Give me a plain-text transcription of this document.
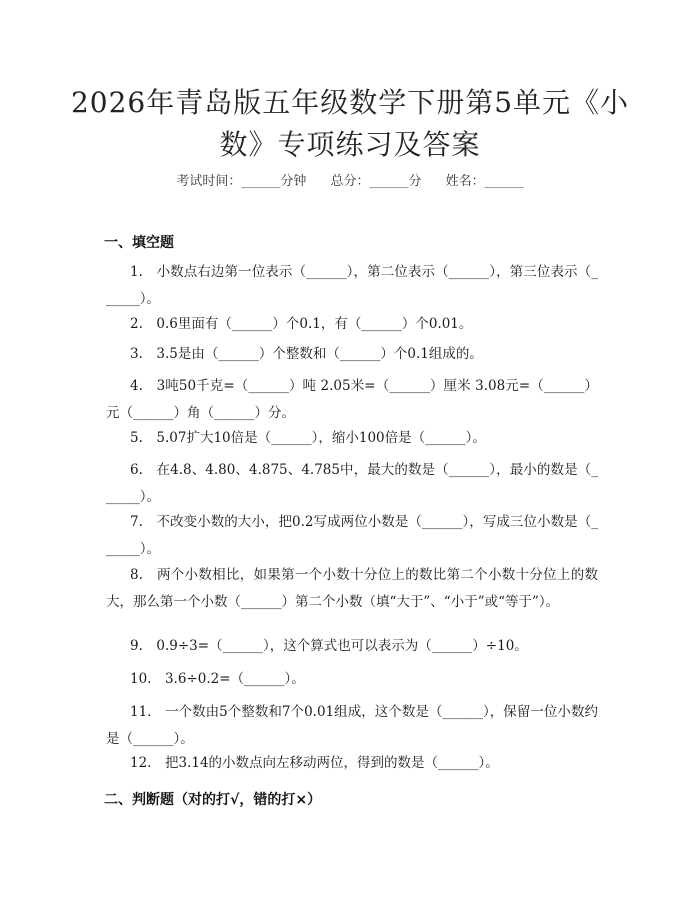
2026年青岛版五年级数学下册第5单元《小数》专项练习及答案
考试时间：______分钟 总分：______分 姓名：______
一、填空题
1.　小数点右边第一位表示（______），第二位表示（______），第三位表示（______）。
2.　0.6里面有（______）个0.1，有（______）个0.01。
3.　3.5是由（______）个整数和（______）个0.1组成的。
4.　3吨50千克=（______）吨 2.05米=（______）厘米 3.08元=（______）元（______）角（______）分。
5.　5.07扩大10倍是（______），缩小100倍是（______）。
6.　在4.8、4.80、4.875、4.785中，最大的数是（______），最小的数是（______）。
7.　不改变小数的大小，把0.2写成两位小数是（______），写成三位小数是（______）。
8.　两个小数相比，如果第一个小数十分位上的数比第二个小数十分位上的数大，那么第一个小数（______）第二个小数（填“大于”、“小于”或“等于”）。
9.　0.9÷3=（______），这个算式也可以表示为（______）÷10。
10.　3.6÷0.2=（______）。
11.　一个数由5个整数和7个0.01组成，这个数是（______），保留一位小数约是（______）。
12.　把3.14的小数点向左移动两位，得到的数是（______）。
二、判断题（对的打√，错的打×）
